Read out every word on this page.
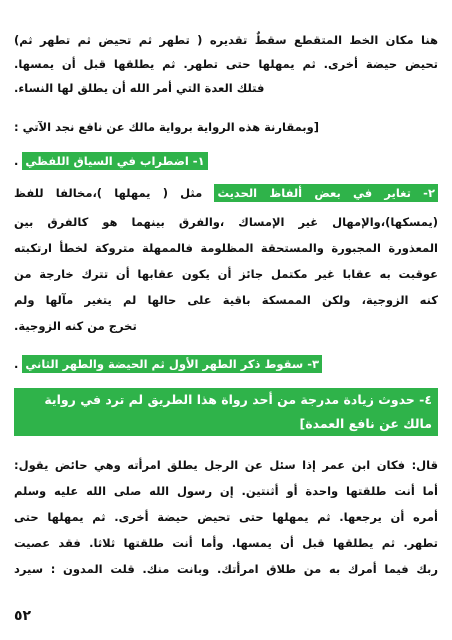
هنا مكان الخط المتقطع سقطٌ تقديره ( تطهر ثم تحيض ثم تطهر ثم)

تحيض حيضة أخرى. ثم يمهلها حتى تطهر. ثم يطلقها قبل أن يمسها.

فتلك العدة التي أمر الله أن يطلق لها النساء.

[وبمقارنة هذه الرواية برواية مالك عن نافع نجد الآتي :

١- اضطراب في السياق اللفظي .

٢- تغاير في بعض ألفاظ الحديث مثل ( يمهلها )،مخالفا للفظ

(يمسكها)،والإمهال غير الإمساك ،والفرق بينهما هو كالفرق بين

المعذورة المجبورة والمستحقة المظلومة فالممهلة متروكة لخطأ ارتكبته

عوقبت به عقابا غير مكتمل جائز أن يكون عقابها أن تترك خارجة من

كنه الزوجية، ولكن الممسكة باقية على حالها لم يتغير مآلها ولم

تخرج من كنه الزوجية.

٣- سقوط ذكر الطهر الأول ثم الحيضة والطهر الثاني .

٤- حدوث زيادة مدرجة من أحد رواة هذا الطريق لم ترد في رواية
مالك عن نافع العمدة]

قال: فكان ابن عمر إذا سئل عن الرجل يطلق امرأته وهي حائض يقول:

أما أنت طلقتها واحدة أو أثنتين. إن رسول الله صلى الله عليه وسلم

أمره أن يرجعها. ثم يمهلها حتى تحيض حيضة أخرى. ثم يمهلها حتى

تطهر. ثم يطلقها قبل أن يمسها. وأما أنت طلقتها ثلاثا. فقد عصيت

ربك فيما أمرك به من طلاق امرأتك. وبانت منك. قلت المدون : سيرد

٥٢
